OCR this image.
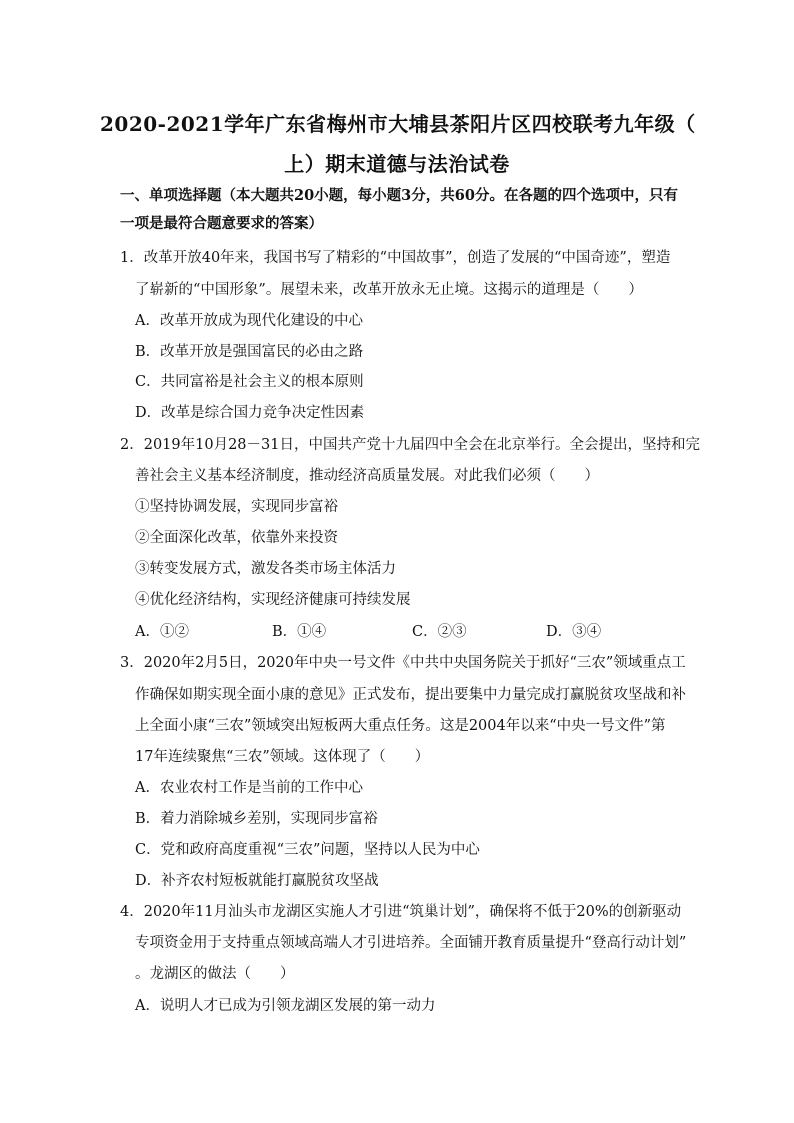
2020-2021学年广东省梅州市大埔县茶阳片区四校联考九年级（
上）期末道德与法治试卷
一、单项选择题（本大题共20小题，每小题3分，共60分。在各题的四个选项中，只有
一项是最符合题意要求的答案）
1．改革开放40年来，我国书写了精彩的“中国故事”，创造了发展的“中国奇迹”，塑造
了崭新的“中国形象”。展望未来，改革开放永无止境。这揭示的道理是（　　）
A．改革开放成为现代化建设的中心
B．改革开放是强国富民的必由之路
C．共同富裕是社会主义的根本原则
D．改革是综合国力竞争决定性因素
2．2019年10月28－31日，中国共产党十九届四中全会在北京举行。全会提出，坚持和完
善社会主义基本经济制度，推动经济高质量发展。对此我们必须（　　）
①坚持协调发展，实现同步富裕
②全面深化改革，依靠外来投资
③转变发展方式，激发各类市场主体活力
④优化经济结构，实现经济健康可持续发展
A．①②	B．①④	C．②③	D．③④
3．2020年2月5日，2020年中央一号文件《中共中央国务院关于抓好“三农”领域重点工
作确保如期实现全面小康的意见》正式发布，提出要集中力量完成打赢脱贫攻坚战和补
上全面小康“三农”领域突出短板两大重点任务。这是2004年以来“中央一号文件”第
17年连续聚焦“三农”领域。这体现了（　　）
A．农业农村工作是当前的工作中心
B．着力消除城乡差别，实现同步富裕
C．党和政府高度重视“三农”问题，坚持以人民为中心
D．补齐农村短板就能打赢脱贫攻坚战
4．2020年11月汕头市龙湖区实施人才引进“筑巢计划”，确保将不低于20%的创新驱动
专项资金用于支持重点领域高端人才引进培养。全面铺开教育质量提升“登高行动计划”
。龙湖区的做法（　　）
A．说明人才已成为引领龙湖区发展的第一动力
